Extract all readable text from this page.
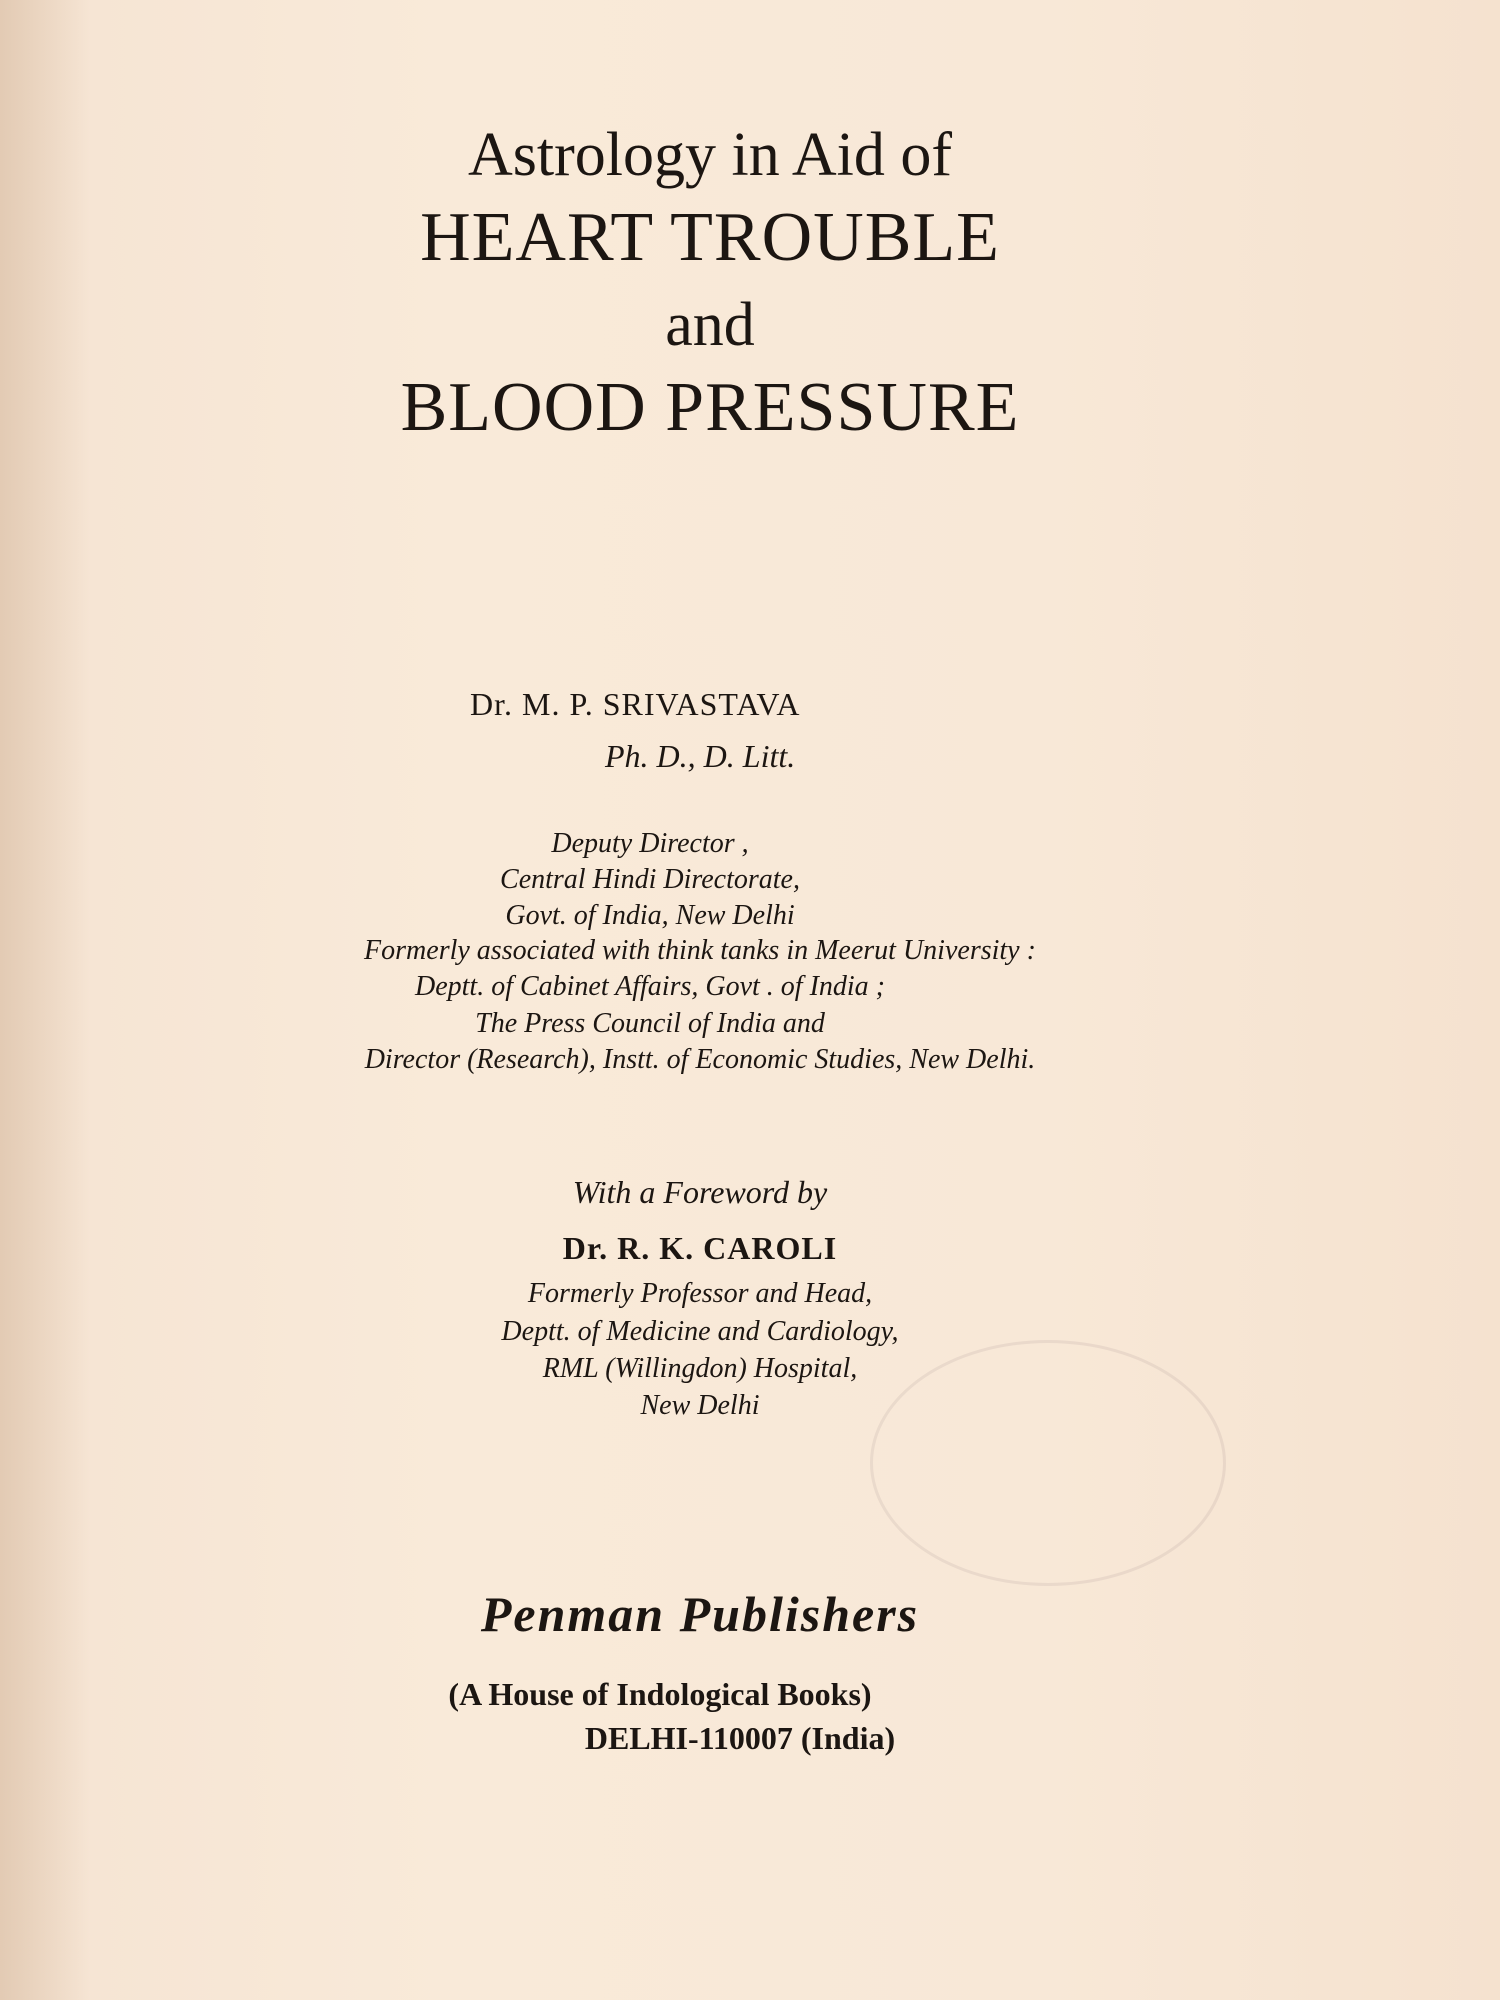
Astrology in Aid of
HEART TROUBLE
and
BLOOD PRESSURE
Dr. M. P. SRIVASTAVA
Ph. D., D. Litt.
Deputy Director ,
Central Hindi Directorate,
Govt. of India, New Delhi
Formerly associated with think tanks in Meerut University :
Deptt. of Cabinet Affairs, Govt . of India ;
The Press Council of India and
Director (Research), Instt. of Economic Studies, New Delhi.
With a Foreword by
Dr. R. K. CAROLI
Formerly Professor and Head,
Deptt. of Medicine and Cardiology,
RML (Willingdon) Hospital,
New Delhi
Penman Publishers
(A House of Indological Books)
DELHI-110007 (India)
